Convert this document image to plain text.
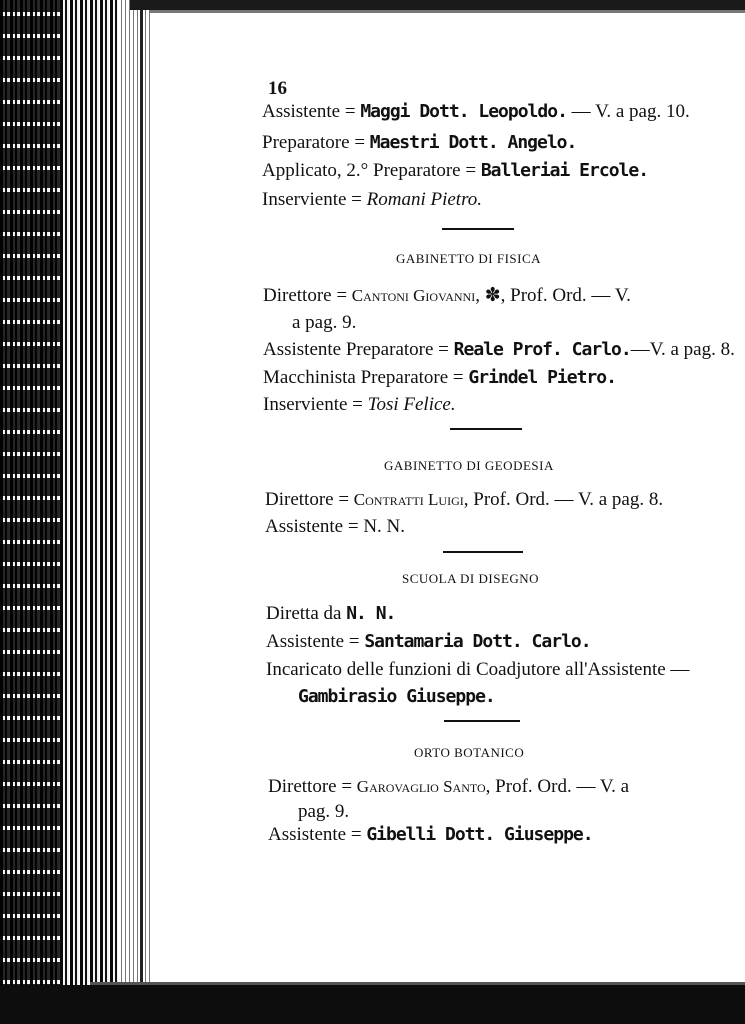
16
Assistente = Maggi Dott. Leopoldo. — V. a pag. 10.
Preparatore = Maestri Dott. Angelo.
Applicato, 2.° Preparatore = Balleriai Ercole.
Inserviente = Romani Pietro.
GABINETTO DI FISICA
Direttore = Cantoni Giovanni, ✽, Prof. Ord. — V.
a pag. 9.
Assistente Preparatore = Reale Prof. Carlo.—V. a pag. 8.
Macchinista Preparatore = Grindel Pietro.
Inserviente = Tosi Felice.
GABINETTO DI GEODESIA
Direttore = Contratti Luigi, Prof. Ord. — V. a pag. 8.
Assistente = N. N.
SCUOLA DI DISEGNO
Diretta da N. N.
Assistente = Santamaria Dott. Carlo.
Incaricato delle funzioni di Coadjutore all'Assistente —
Gambirasio Giuseppe.
ORTO BOTANICO
Direttore = Garovaglio Santo, Prof. Ord. — V. a
pag. 9.
Assistente = Gibelli Dott. Giuseppe.
